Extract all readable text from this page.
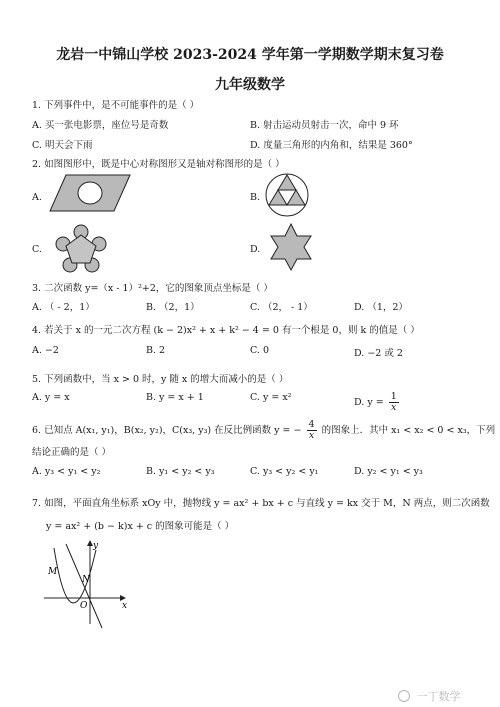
龙岩一中锦山学校 2023-2024 学年第一学期数学期末复习卷
九年级数学
1. 下列事件中，是不可能事件的是（ ）
A. 买一张电影票，座位号是奇数	B. 射击运动员射击一次，命中 9 环
C. 明天会下雨	D. 度量三角形的内角和，结果是 360°
2. 如图图形中，既是中心对称图形又是轴对称图形的是（ ）
A.	B.
C.	D.
3. 二次函数 y=（x - 1）²+2，它的图象顶点坐标是（ ）
A. （ - 2，1）	B. （2，1）	C. （2， - 1）	D. （1，2）
4. 若关于 x 的一元二次方程 (k − 2)x² + x + k² − 4 = 0 有一个根是 0，则 k 的值是（ ）
A. −2	B. 2	C. 0	D. −2 或 2
5. 下列函数中，当 x > 0 时，y 随 x 的增大而减小的是（ ）
A. y = x	B. y = x + 1	C. y = x²	D. $y = \frac{1}{x}$
6. 已知点 A(x₁, y₁)，B(x₂, y₂)，C(x₃, y₃) 在反比例函数 y = − $\frac{4}{x}$ 的图象上．其中 x₁ < x₂ < 0 < x₃，下列
结论正确的是（ ）
A. y₃ < y₁ < y₂	B. y₁ < y₂ < y₃	C. y₃ < y₂ < y₁	D. y₂ < y₁ < y₃
7. 如图，平面直角坐标系 xOy 中，抛物线 y = ax² + bx + c 与直线 y = kx 交于 M，N 两点，则二次函数
y = ax² + (b − k)x + c 的图象可能是（ ）
y
x
O
M
N
一丁数学
